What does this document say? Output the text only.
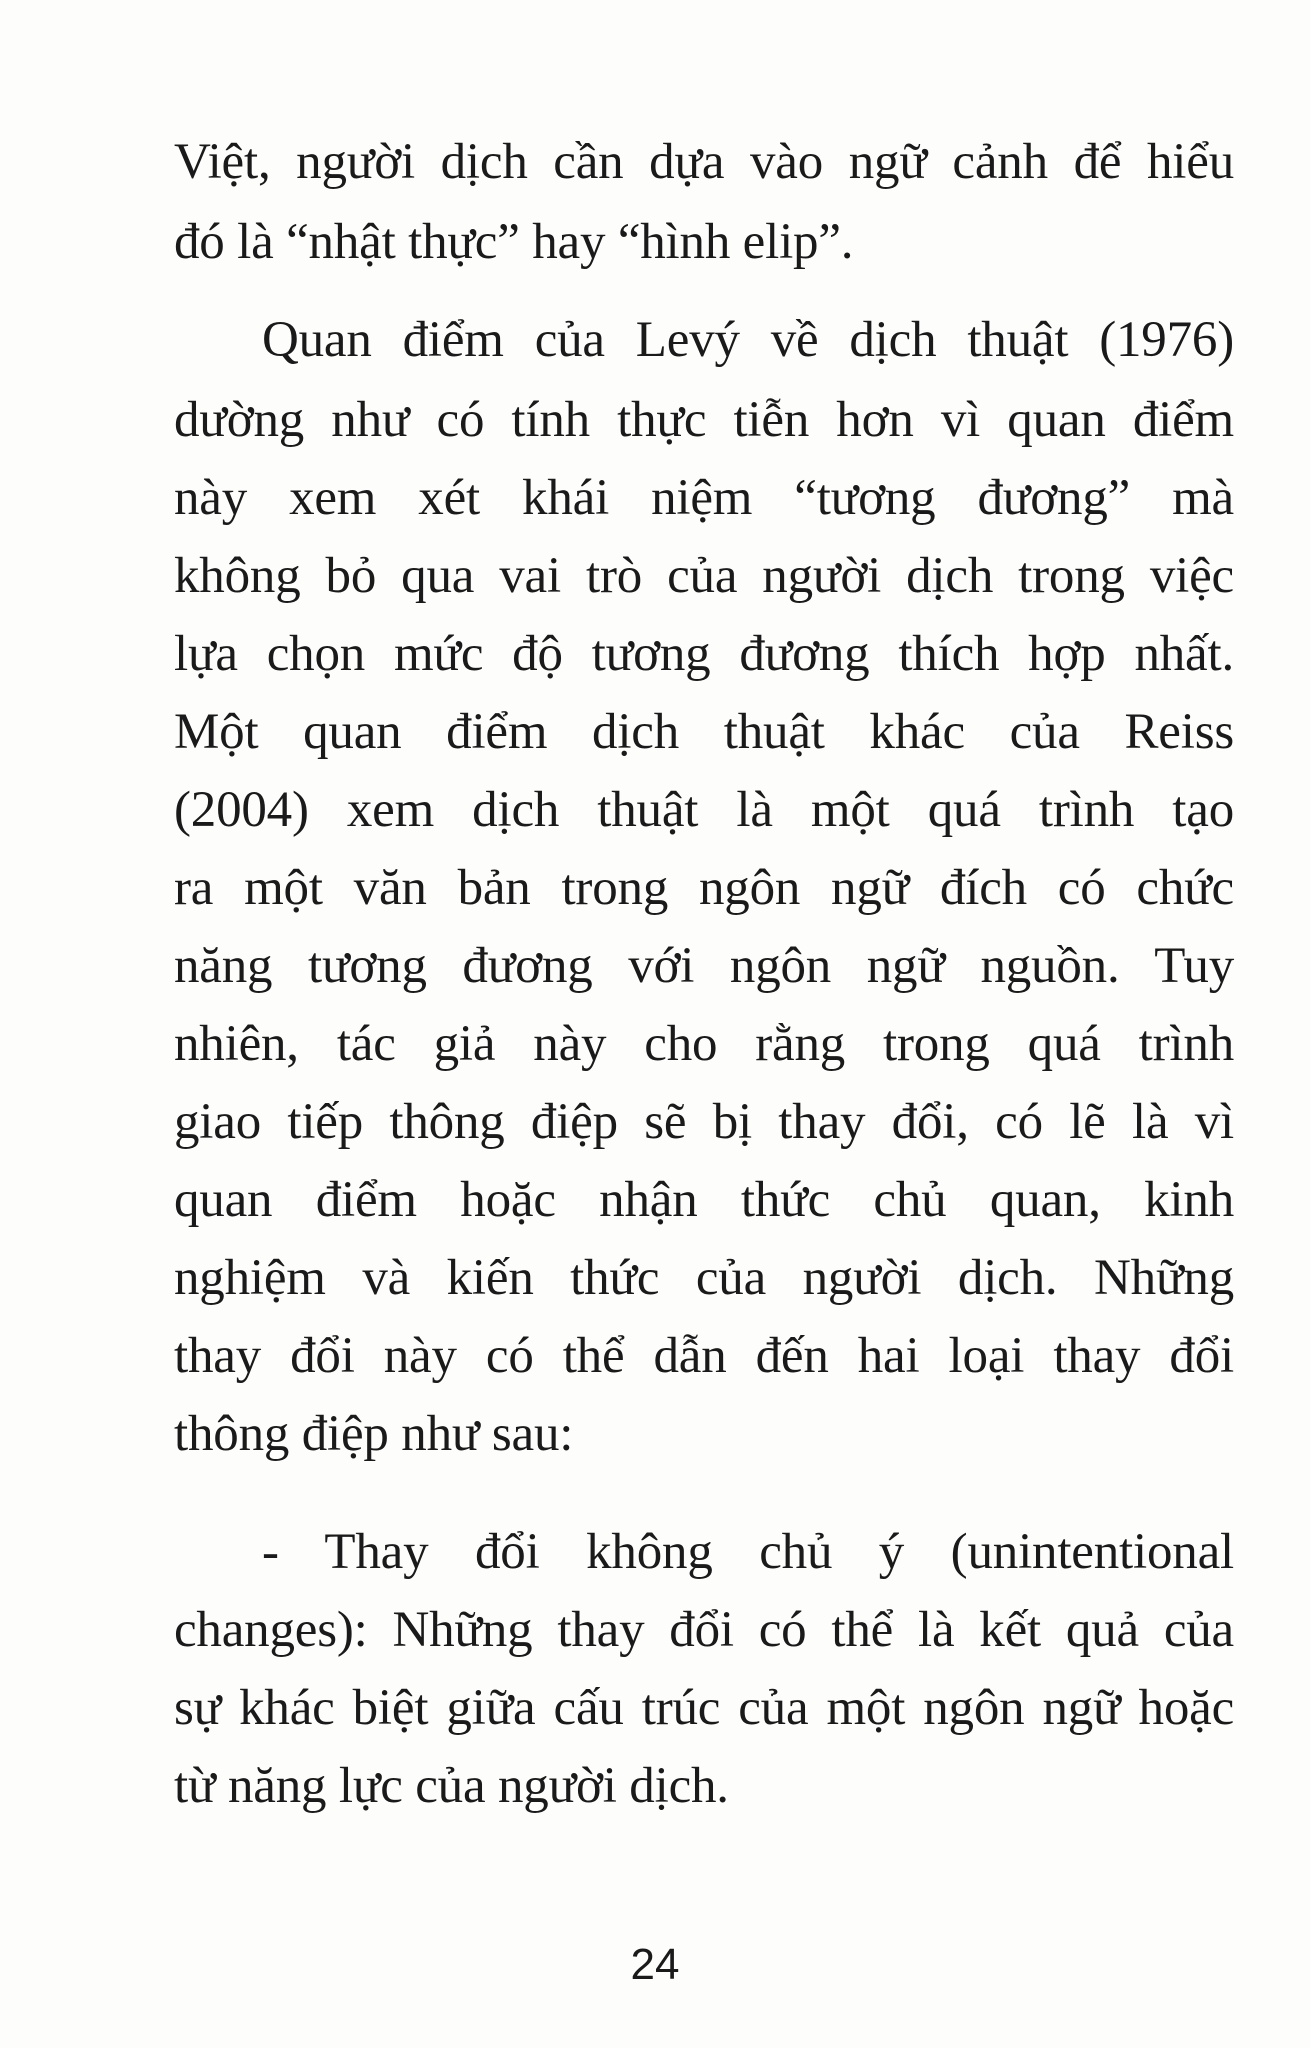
Việt, người dịch cần dựa vào ngữ cảnh để hiểu
đó là “nhật thực” hay “hình elip”.
Quan điểm của Levý về dịch thuật (1976)
dường như có tính thực tiễn hơn vì quan điểm
này xem xét khái niệm “tương đương” mà
không bỏ qua vai trò của người dịch trong việc
lựa chọn mức độ tương đương thích hợp nhất.
Một quan điểm dịch thuật khác của Reiss
(2004) xem dịch thuật là một quá trình tạo
ra một văn bản trong ngôn ngữ đích có chức
năng tương đương với ngôn ngữ nguồn. Tuy
nhiên, tác giả này cho rằng trong quá trình
giao tiếp thông điệp sẽ bị thay đổi, có lẽ là vì
quan điểm hoặc nhận thức chủ quan, kinh
nghiệm và kiến thức của người dịch. Những
thay đổi này có thể dẫn đến hai loại thay đổi
thông điệp như sau:
- Thay đổi không chủ ý (unintentional
changes): Những thay đổi có thể là kết quả của
sự khác biệt giữa cấu trúc của một ngôn ngữ hoặc
từ năng lực của người dịch.
24
